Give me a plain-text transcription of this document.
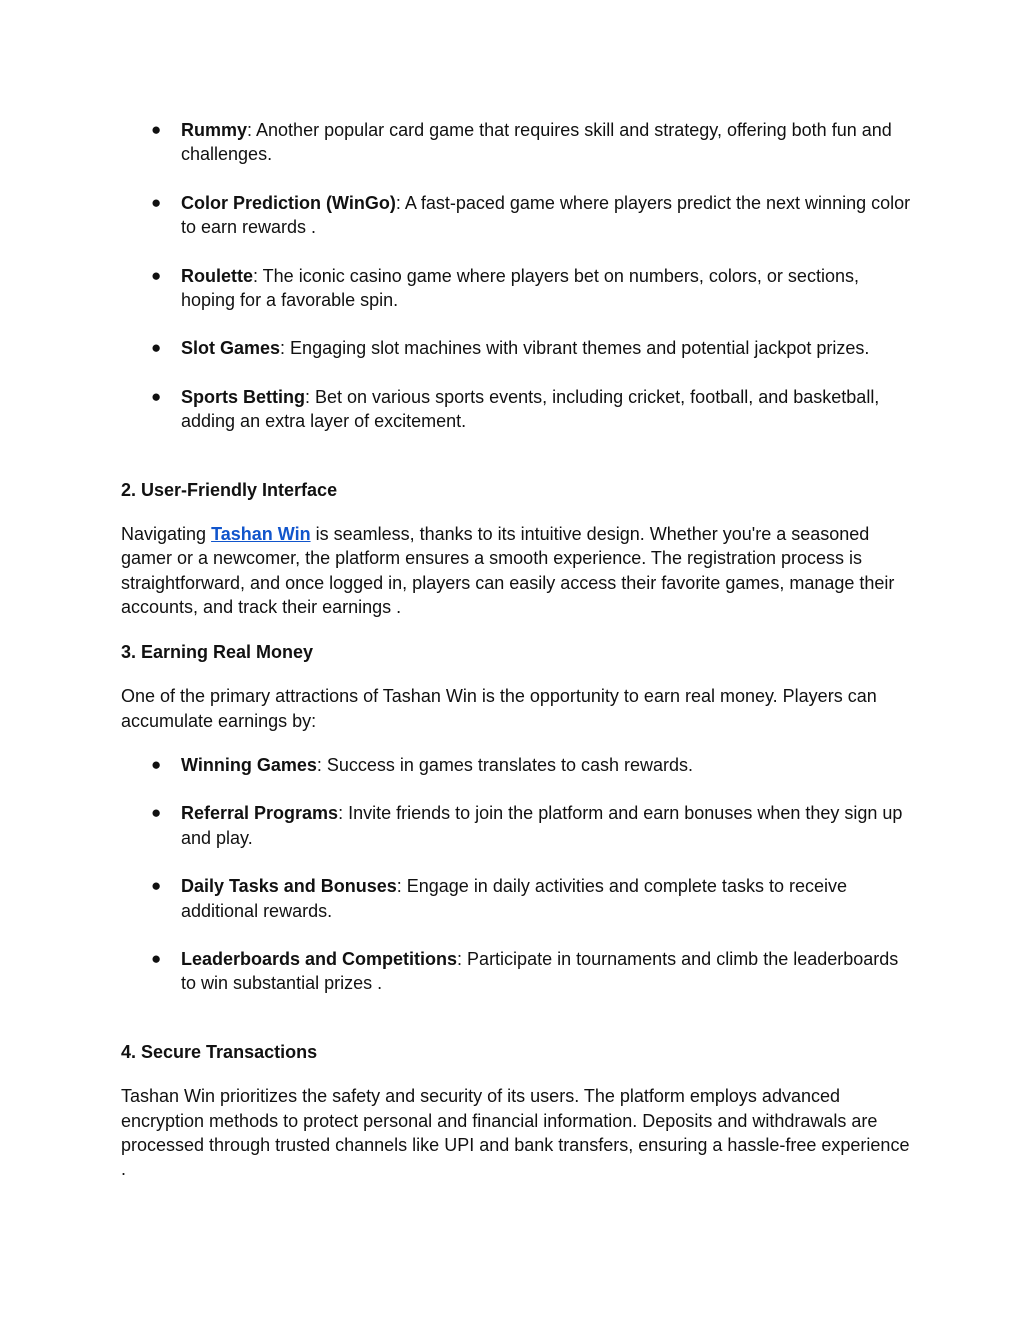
● Rummy: Another popular card game that requires skill and strategy, offering both fun and challenges.
● Color Prediction (WinGo): A fast-paced game where players predict the next winning color to earn rewards .
● Roulette: The iconic casino game where players bet on numbers, colors, or sections, hoping for a favorable spin.
● Slot Games: Engaging slot machines with vibrant themes and potential jackpot prizes.
● Sports Betting: Bet on various sports events, including cricket, football, and basketball, adding an extra layer of excitement.

2. User-Friendly Interface

Navigating Tashan Win is seamless, thanks to its intuitive design. Whether you're a seasoned gamer or a newcomer, the platform ensures a smooth experience. The registration process is straightforward, and once logged in, players can easily access their favorite games, manage their accounts, and track their earnings .

3. Earning Real Money

One of the primary attractions of Tashan Win is the opportunity to earn real money. Players can accumulate earnings by:

● Winning Games: Success in games translates to cash rewards.
● Referral Programs: Invite friends to join the platform and earn bonuses when they sign up and play.
● Daily Tasks and Bonuses: Engage in daily activities and complete tasks to receive additional rewards.
● Leaderboards and Competitions: Participate in tournaments and climb the leaderboards to win substantial prizes .

4. Secure Transactions

Tashan Win prioritizes the safety and security of its users. The platform employs advanced encryption methods to protect personal and financial information. Deposits and withdrawals are processed through trusted channels like UPI and bank transfers, ensuring a hassle-free experience .
